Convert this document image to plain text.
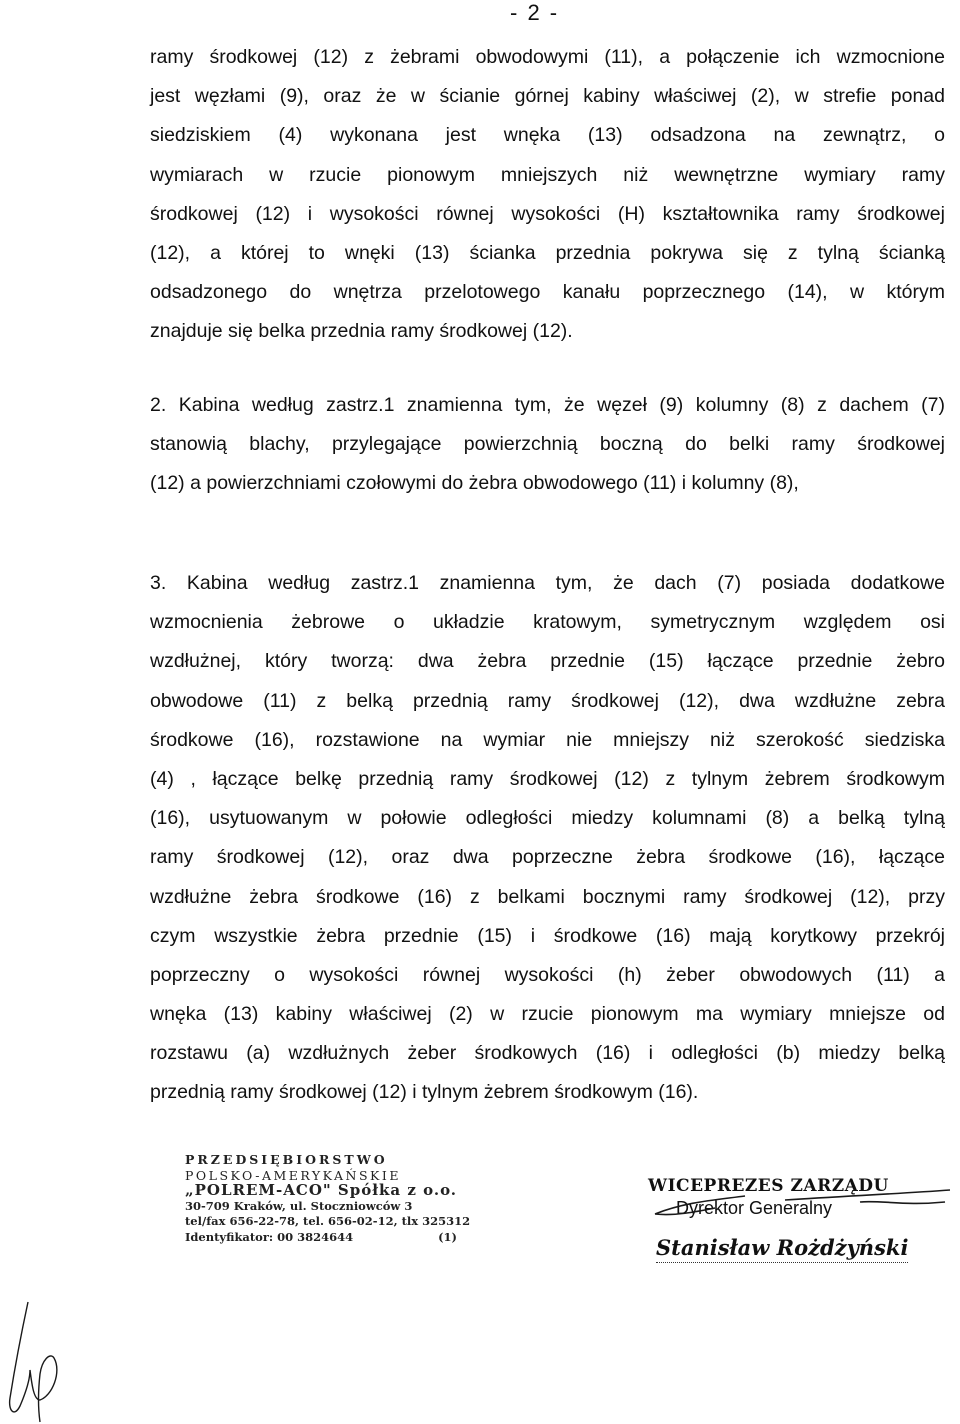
- 2 -
ramy środkowej (12) z żebrami obwodowymi (11), a połączenie ich wzmocnione
jest węzłami (9), oraz że w ścianie górnej kabiny właściwej (2), w strefie ponad
siedziskiem (4) wykonana jest wnęka (13) odsadzona na zewnątrz, o
wymiarach w rzucie pionowym mniejszych niż wewnętrzne wymiary ramy
środkowej (12) i wysokości równej wysokości (H) kształtownika ramy środkowej
(12), a której to wnęki (13) ścianka przednia pokrywa się z tylną ścianką
odsadzonego do wnętrza przelotowego kanału poprzecznego (14), w którym
znajduje się belka przednia ramy środkowej (12).
2. Kabina według zastrz.1 znamienna tym, że węzeł (9) kolumny (8) z dachem (7)
stanowią blachy, przylegające powierzchnią boczną do belki ramy środkowej
(12) a powierzchniami czołowymi do żebra obwodowego (11) i kolumny (8),
3. Kabina według zastrz.1 znamienna tym, że dach (7) posiada dodatkowe
wzmocnienia żebrowe o układzie kratowym, symetrycznym względem osi
wzdłużnej, który tworzą: dwa żebra przednie (15) łączące przednie żebro
obwodowe (11) z belką przednią ramy środkowej (12), dwa wzdłużne zebra
środkowe (16), rozstawione na wymiar nie mniejszy niż szerokość siedziska
(4) , łączące belkę przednią ramy środkowej (12) z tylnym żebrem środkowym
(16), usytuowanym w połowie odległości miedzy kolumnami (8) a belką tylną
ramy środkowej (12), oraz dwa poprzeczne żebra środkowe (16), łączące
wzdłużne żebra środkowe (16) z belkami bocznymi ramy środkowej (12), przy
czym wszystkie żebra przednie (15) i środkowe (16) mają korytkowy przekrój
poprzeczny o wysokości równej wysokości (h) żeber obwodowych (11) a
wnęka (13) kabiny właściwej (2) w rzucie pionowym ma wymiary mniejsze od
rozstawu (a) wzdłużnych żeber środkowych (16) i odległości (b) miedzy belką
przednią ramy środkowej (12) i tylnym żebrem środkowym (16).
PRZEDSIĘBIORSTWO
POLSKO-AMERYKAŃSKIE
„POLREM-ACO" Spółka z o.o.
30-709 Kraków, ul. Stoczniowców 3
tel/fax 656-22-78, tel. 656-02-12, tlx 325312
Identyfikator: 00 3824644	(1)
WICEPREZES ZARZĄDU
Dyrektor Generalny
Stanisław Rożdżyński
